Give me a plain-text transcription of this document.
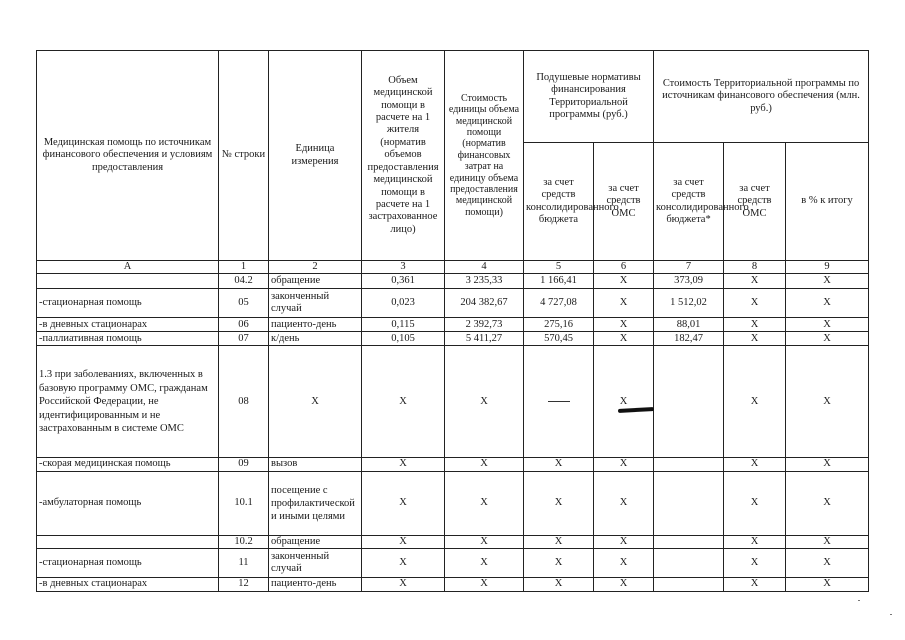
Медицинская помощь по источникам финансового обеспечения и условиям предоставления	№ строки	Единица измерения	Объем медицинской помощи в расчете на 1 жителя (норматив объемов предоставления медицинской помощи в расчете на 1 застрахованное лицо)	Стоимость единицы объема медицинской помощи (норматив финансовых затрат на единицу объема предоставления медицинской помощи)	Подушевые нормативы финансирования Территориальной программы (руб.)		Стоимость Территориальной программы по источникам финансового обеспечения (млн. руб.)		
					за счет средств консолидированного бюджета	за счет средств ОМС	за счет средств консолидированного бюджета*	за счет средств ОМС	в % к итогу
А	1	2	3	4	5	6	7	8	9
	04.2	обращение	0,361	3 235,33	1 166,41	X	373,09	X	X
-стационарная помощь	05	законченный случай	0,023	204 382,67	4 727,08	X	1 512,02	X	X
-в дневных стационарах	06	пациенто-день	0,115	2 392,73	275,16	X	88,01	X	X
-паллиативная помощь	07	к/день	0,105	5 411,27	570,45	X	182,47	X	X
1.3 при заболеваниях, включенных в базовую программу ОМС, гражданам Российской Федерации, не идентифицированным и не застрахованным в системе ОМС	08	X	X	X		X		X	X
-скорая медицинская помощь	09	вызов	X	X	X	X		X	X
-амбулаторная помощь	10.1	посещение с профилактической и иными целями	X	X	X	X		X	X
	10.2	обращение	X	X	X	X		X	X
-стационарная помощь	11	законченный случай	X	X	X	X		X	X
-в дневных стационарах	12	пациенто-день	X	X	X	X		X	X
